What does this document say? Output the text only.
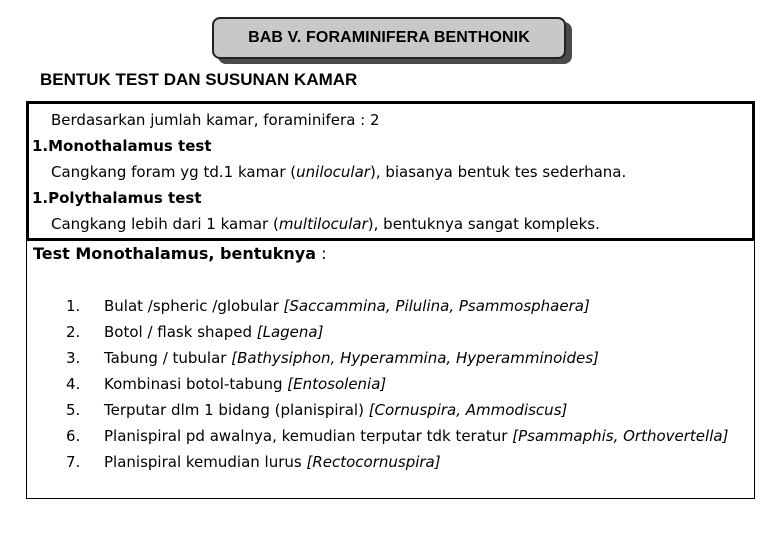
BAB V. FORAMINIFERA BENTHONIK
BENTUK TEST DAN SUSUNAN KAMAR
Berdasarkan jumlah kamar, foraminifera : 2
1.Monothalamus test
Cangkang foram yg td.1 kamar (unilocular), biasanya bentuk tes sederhana.
1.Polythalamus test
Cangkang lebih dari 1 kamar (multilocular), bentuknya sangat kompleks.
Test Monothalamus, bentuknya :
1.	Bulat /spheric /globular [Saccammina, Pilulina, Psammosphaera]
2.	Botol / flask shaped [Lagena]
3.	Tabung / tubular [Bathysiphon, Hyperammina, Hyperamminoides]
4.	Kombinasi botol-tabung [Entosolenia]
5.	Terputar dlm 1 bidang (planispiral) [Cornuspira, Ammodiscus]
6.	Planispiral pd awalnya, kemudian terputar tdk teratur [Psammaphis, Orthovertella]
7.	Planispiral kemudian lurus [Rectocornuspira]
